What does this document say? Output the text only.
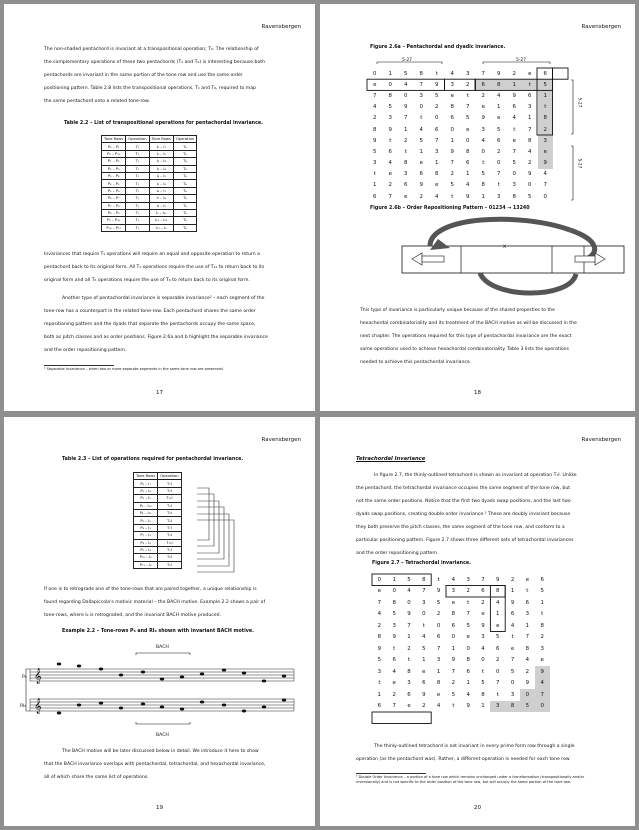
Ravensbergen
The non-shaded pentachord is invariant at a transpositional operation; T₆. The relationship of
the complementary operations of these two pentachords (T₁ and T₆) is interesting because both
pentachords are invariant in the same portion of the tone row and use the same order
positioning pattern. Table 2.8 lists the transpositional operations, T₁ and T₆, required to map
the same pentachord onto a related tone-row.
Table 2.2 – List of transpositional operations for pentachordal invariance.
Tone Rows	Operation	Tone Rows	Operation
P₀ – P₁	T₁	I₀ – I₁	T₆
P₀ – P₁₁	T₁	I₁ – I₂	T₆
P₁ – P₂	T₁	I₂ – I₃	T₆
P₂ – P₃	T₁	I₃ – I₄	T₆
P₃ – P₄	T₁	I₄ – I₅	T₆
P₄ – P₅	T₁	I₅ – I₆	T₆
P₅ – P₆	T₁	I₆ – I₇	T₆
P₆ – P₇	T₁	I₇ – I₈	T₆
P₇ – P₈	T₁	I₈ – I₉	T₆
P₈ – P₉	T₁	I₉ – I₁₀	T₆
P₉ – P₁₀	T₁	I₁₀ – I₁₁	T₆
P₁₀ – P₁₁	T₁	I₁₁ – I₀	T₆
Invariances that require T₁ operations will require an equal and opposite operation to return a
pentachord back to its original form. All T₁ operations require the use of T₁₁ to return back to its
original form and all T₆ operations require the use of T₆ to return back to its original form.
Another type of pentachordal invariance is separable invariance² – each segment of the
tone-row has a counterpart in the related tone-row. Each pentachord shares the same order
repositioning pattern and the dyads that separate the pentachords occupy the same space,
both as pitch classes and as order positions. Figure 2.6a and b highlight the separable invariance
and the order repositioning pattern.
² Separable Invariance – when two or more separate segments in the same tone row are preserved.
17
Ravensbergen
Figure 2.6a – Pentachordal and dyadic invariance.
5-27	5-27
5-27
5-27
0	1	5	8	t	4	3	7	9	2	e	6
e	0	4	7	9	3	2	6	8	1	t	5
7	8	0	3	5	e	t	2	4	9	6	1
4	5	9	0	2	8	7	e	1	6	3	t
2	3	7	t	0	6	5	9	e	4	1	8
8	9	1	4	6	0	e	3	5	t	7	2
9	t	2	5	7	1	0	4	6	e	8	3
5	6	t	1	3	9	8	0	2	7	4	e
3	4	8	e	1	7	6	t	0	5	2	9
t	e	3	6	8	2	1	5	7	0	9	4
1	2	6	9	e	5	4	8	t	3	0	7
6	7	e	2	4	t	9	1	3	8	5	0
Figure 2.6b – Order Repositioning Pattern – 01234 → 13240
X
This type of invariance is particularly unique because of the shared properties to the
hexachordal combinatoriality and its treatment of the BACH motive as will be discussed in the
next chapter. The operations required for this type of pentachordal invariance are the exact
same operations used to achieve hexachordal combinatoriality. Table 3 lists the operations
needed to achieve this pentachordal invariance.
18
Ravensbergen
Table 2.3 – List of operations required for pentachordal invariance.
Tone Rows	Operation
P₀ – I₇	T₇I
P₁ – I₈	T₉I
P₂ – I₉	T₁₁I
P₃ – I₁₀	T₁I
P₄ – I₁₁	T₃I
P₅ – I₀	T₅I
P₆ – I₁	T₇I
P₇ – I₂	T₉I
P₈ – I₃	T₁₁I
P₉ – I₄	T₁I
P₁₀ – I₅	T₃I
P₁₁ – I₆	T₅I
If one is to retrograde one of the tone-rows that are paired together, a unique relationship is
found regarding Dallapiccola's motivic material – the BACH motive. Example 2.2 shows a pair of
tone-rows, where I₉ is retrograded, and the invariant BACH motive produced.
Example 2.2 – Tone-rows P₈ and RI₈ shown with invariant BACH motive.
BACH
BACH
P₈
RI₈
𝄞
𝄞
The BACH motive will be later discussed below in detail. We introduce it here to show
that the BACH invariance overlaps with pentachordal, tetrachordal, and hexachordal invariance,
all of which share the same list of operations.
19
Ravensbergen
Tetrachordal Invariance
In figure 2.7, the thinly-outlined tetrachord is shown as invariant at operation T₇I. Unlike
the pentachord, the tetrachordal invariance occupies the same segment of the tone row, but
not the same order positions. Notice that the first two dyads swap positions, and the last two
dyads swap positions, creating double order invariance.³ These are doubly invariant because
they both preserve the pitch classes, the same segment of the tone row, and conform to a
particular positioning pattern. Figure 2.7 shows three different sets of tetrachordal invariances
and the order repositioning pattern.
Figure 2.7 – Tetrachordal invariance.
0	1	5	8	t	4	3	7	9	2	e	6
e	0	4	7	9	3	2	6	8	1	t	5
7	8	0	3	5	e	t	2	4	9	6	1
4	5	9	0	2	8	7	e	1	6	3	t
2	3	7	t	0	6	5	9	e	4	1	8
8	9	1	4	6	0	e	3	5	t	7	2
9	t	2	5	7	1	0	4	6	e	8	3
5	6	t	1	3	9	8	0	2	7	4	e
3	4	8	e	1	7	6	t	0	5	2	9
t	e	3	6	8	2	1	5	7	0	9	4
1	2	6	9	e	5	4	8	t	3	0	7
6	7	e	2	4	t	9	1	3	8	5	0
The thinly-outlined tetrachord is not invariant in every prime form row through a single
operation (as the pentachord was). Rather, a different operation is needed for each tone row
³ Double Order Invariance – a portion of a tone row which remains unchanged under a transformation (transpositionally and/or inversionally) and is not specific to the order position of the tone row, but will occupy the same portion of the tone row.
20
